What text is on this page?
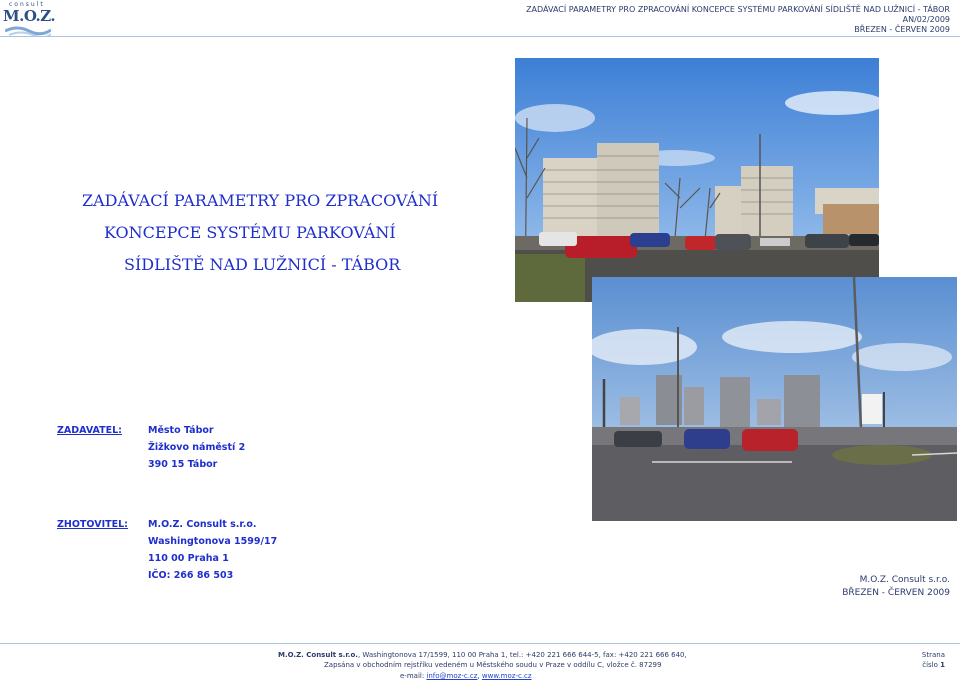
consult
M.O.Z.	ZADÁVACÍ PARAMETRY PRO ZPRACOVÁNÍ KONCEPCE SYSTÉMU PARKOVÁNÍ SÍDLIŠTĚ NAD LUŽNICÍ - TÁBOR
AN/02/2009
BŘEZEN - ČERVEN 2009
ZADÁVACÍ PARAMETRY PRO ZPRACOVÁNÍ
KONCEPCE SYSTÉMU PARKOVÁNÍ
SÍDLIŠTĚ NAD LUŽNICÍ - TÁBOR
ZADAVATEL:	Město Tábor
Žižkovo náměstí 2
390 15 Tábor
ZHOTOVITEL: M.O.Z. Consult s.r.o.
Washingtonova 1599/17
110 00 Praha 1
IČO: 266 86 503	M.O.Z. Consult s.r.o.
BŘEZEN - ČERVEN 2009
M.O.Z. Consult s.r.o., Washingtonova 17/1599, 110 00 Praha 1, tel.: +420 221 666 644-5, fax: +420 221 666 640,
Zapsána v obchodním rejstříku vedeném u Městského soudu v Praze v oddílu C, vložce č. 87299
e-mail: info@moz-c.cz, www.moz-c.cz
Strana
číslo 1
